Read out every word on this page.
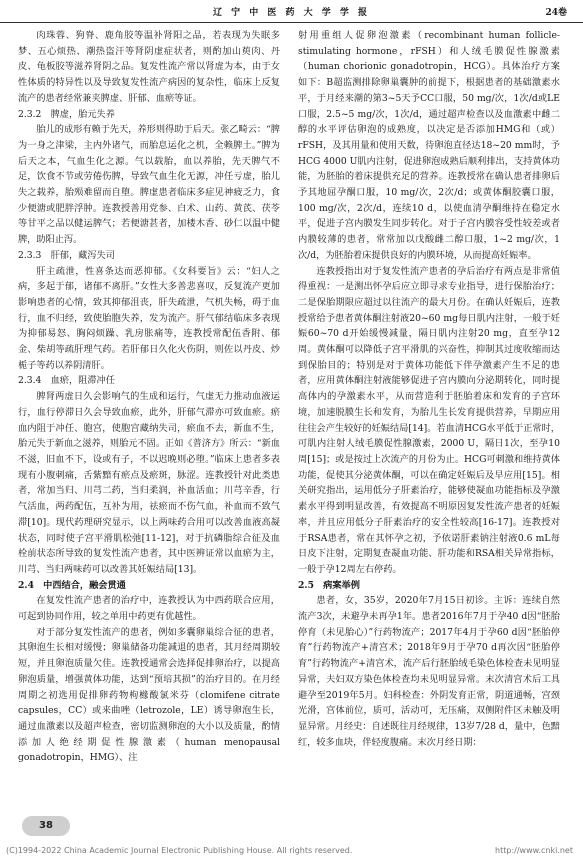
辽 宁 中 医 药 大 学 学 报	24卷

肉珠蓉、狗脊、鹿角胶等温补肾阳之品，若表现为失眠多梦、五心烦热、潮热盗汗等肾阴虚症状者，则酌加山萸肉、丹皮、龟板胶等滋养肾阴之品。复发性流产常以肾虚为本，由于女性体质的特异性以及导致复发性流产病因的复杂性，临床上反复流产的患者经常兼夹脾虚、肝郁、血瘀等证。

2.3.2　脾虚，胎元失养

胎儿的成形有赖于先天，养形则得助于后天。张乙畸云：“脾为一身之津梁，主内外诸气，而胎息运化之机，全赖脾土。”脾为后天之本，气血生化之源。气以载胎，血以养胎，先天脾气不足，饮食不节或劳倦伤脾，导致气血生化无源，冲任亏虚，胎儿失之载养，胎殒难留而自堕。脾虚患者临床多症见神疲乏力，食少便溏或肥胖浮肿。连教授善用党参、白术、山药、黄芪、茯苓等甘平之品以健运脾气；若便溏甚者，加楼木香、砂仁以温中健脾，助阳止泻。

2.3.3　肝郁，藏泻失司

肝主疏泄，性喜条达而恶抑郁。《女科要旨》云：“妇人之病，多起于郁，诸郁不离肝。”女性大多善悲喜叹，反复流产更加影响患者的心情，致其抑郁沮丧，肝失疏泄，气机失畅，碍于血行，血不归经，致使胎胞失养，发为流产。肝气郁结临床多表现为抑郁易怒、胸闷烦躁、乳房胀痛等，连教授常配伍香附、郁金、柴胡等疏肝理气药。若肝郁日久化火伤阴，则佐以丹皮、炒栀子等药以养阴清肝。

2.3.4　血瘀，阻滞冲任

脾肾两虚日久会影响气的生成和运行，气虚无力推动血液运行，血行停滞日久会导致血瘀，此外，肝郁气滞亦可致血瘀。瘀血内阻于冲任、胞宫，使胞宫藏纳失司，瘀血不去，新血不生，胎元失于新血之滋养，则胎元不固。正如《普济方》所云：“新血不滋，旧血不下，设或有子，不以迟晚则必堕。”临床上患者多表现有小腹刺痛，舌紫黯有瘀点及瘀斑，脉涩。连教授针对此类患者，常加当归、川芎二药，当归柔润，补血活血；川芎辛香，行气活血，两药配伍，互补为用，祛瘀而不伤气血，补血而不致气滞[10]。现代药理研究显示，以上两味药合用可以改善血液高凝状态，同时使子宫平滑肌松弛[11-12]，对于抗磷脂综合征及血栓前状态所导致的复发性流产患者，其中医辨证常以血瘀为主，川芎、当归两味药可以改善其妊娠结局[13]。

2.4　中西结合，融会贯通

在复发性流产患者的治疗中，连教授认为中西药联合应用，可起到协同作用，较之单用中药更有优越性。

对于部分复发性流产的患者，例如多囊卵巢综合征的患者，其卵泡生长相对缓慢；卵巢储备功能减退的患者，其月经周期较短，并且卵泡质量欠佳。连教授通常会选择促排卵治疗，以提高卵泡质量，增强黄体功能，达到“预培其损”的治疗目的。在月经周期之初选用促排卵药物枸橼酸氯米芬（clomifene citrate capsules，CC）或来曲唑（letrozole，LE）诱导卵泡生长，通过血激素以及超声检查，密切监测卵泡的大小以及质量，酌情添加人绝经期促性腺激素（human menopausal gonadotropin，HMG）、注

射用重组人促卵泡激素（recombinant human follicle-stimulating hormone，rFSH）和人绒毛膜促性腺激素（human chorionic gonadotropin，HCG）。具体治疗方案如下：B超监测排除卵巢囊肿的前提下，根据患者的基础激素水平，于月经来潮的第3~5天予CC口服，50 mg/次，1次/d或LE口服，2.5~5 mg/次，1次/d，通过超声检查以及血激素中雌二醇的水平评估卵泡的成熟度，以决定是否添加HMG和（或）rFSH，及其用量和使用天数，待卵泡直径达18~20 mm时，予HCG 4000 U肌内注射，促进卵泡成熟后顺利排出，支持黄体功能，为胚胎的着床提供充足的营养。连教授常在确认患者排卵后予其地屈孕酮口服，10 mg/次，2次/d；或黄体酮胶囊口服，100 mg/次，2次/d，连续10 d，以使血清孕酮维持在稳定水平，促进子宫内膜发生同步转化。对于子宫内膜容受性较差或者内膜较薄的患者，常常加以戊酸雌二醇口服，1~2 mg/次，1次/d，为胚胎着床提供良好的内膜环境，从而提高妊娠率。

连教授指出对于复发性流产患者的孕后治疗有两点是非常值得重视：一是测出怀孕后应立即寻求专业指导，进行保胎治疗；二是保胎期限应超过以往流产的最大月份。在确认妊娠后，连教授常给予患者黄体酮注射液20~60 mg每日肌内注射，一般于妊娠60~70 d开始缓慢减量，隔日肌内注射20 mg，直至孕12周。黄体酮可以降低子宫平滑肌的兴奋性，抑制其过度收缩而达到保胎目的；特别是对于黄体功能低下伴孕激素产生不足的患者，应用黄体酮注射液能够促进子宫内膜向分泌期转化，同时提高体内的孕激素水平，从而营造利于胚胎着床和发育的子宫环境，加速脱膜生长和发育，为胎儿生长发育提供营养，早期应用往往会产生较好的妊娠结局[14]。若血清HCG水平低于正常时，可肌内注射人绒毛膜促性腺激素，2000 U，隔日1次，至孕10周[15]；或是按过上次流产的月份为止。HCG可刺激和维持黄体功能，促使其分泌黄体酮，可以在确定妊娠后及早应用[15]。相关研究指出，运用低分子肝素治疗，能够使凝血功能指标及孕激素水平得到明显改善，有效提高不明原因复发性流产患者的妊娠率，并且应用低分子肝素治疗的安全性较高[16-17]。连教授对于RSA患者，常在其怀孕之初，予依诺肝素钠注射液0.6 mL每日皮下注射，定期复查凝血功能、肝功能和RSA相关异常指标，一般于孕12周左右停药。

2.5　病案举例

患者，女，35岁，2020年7月15日初诊。主诉：连续自然流产3次，未避孕未再孕1年。患者2016年7月于孕40 d因“胚胎停育（未见胎心）”行药物流产；2017年4月于孕60 d因“胚胎停育”行药物流产+清宫术；2018年9月于孕70 d再次因“胚胎停育”行药物流产+清宫术，流产后行胚胎绒毛染色体检查未见明显异常，夫妇双方染色体检查均未见明显异常。末次清宫术后工具避孕至2019年5月。妇科检查：外阴发育正常，阴道通畅，宫颈光滑，宫体前位，质可，活动可，无压痛，双侧附件区未触及明显异常。月经史：自述既往月经规律，13岁7/28 d，量中，色黯红，较多血块，伴轻度腹痛。末次月经日期：

38
(C)1994-2022 China Academic Journal Electronic Publishing House. All rights reserved.	http://www.cnki.net
